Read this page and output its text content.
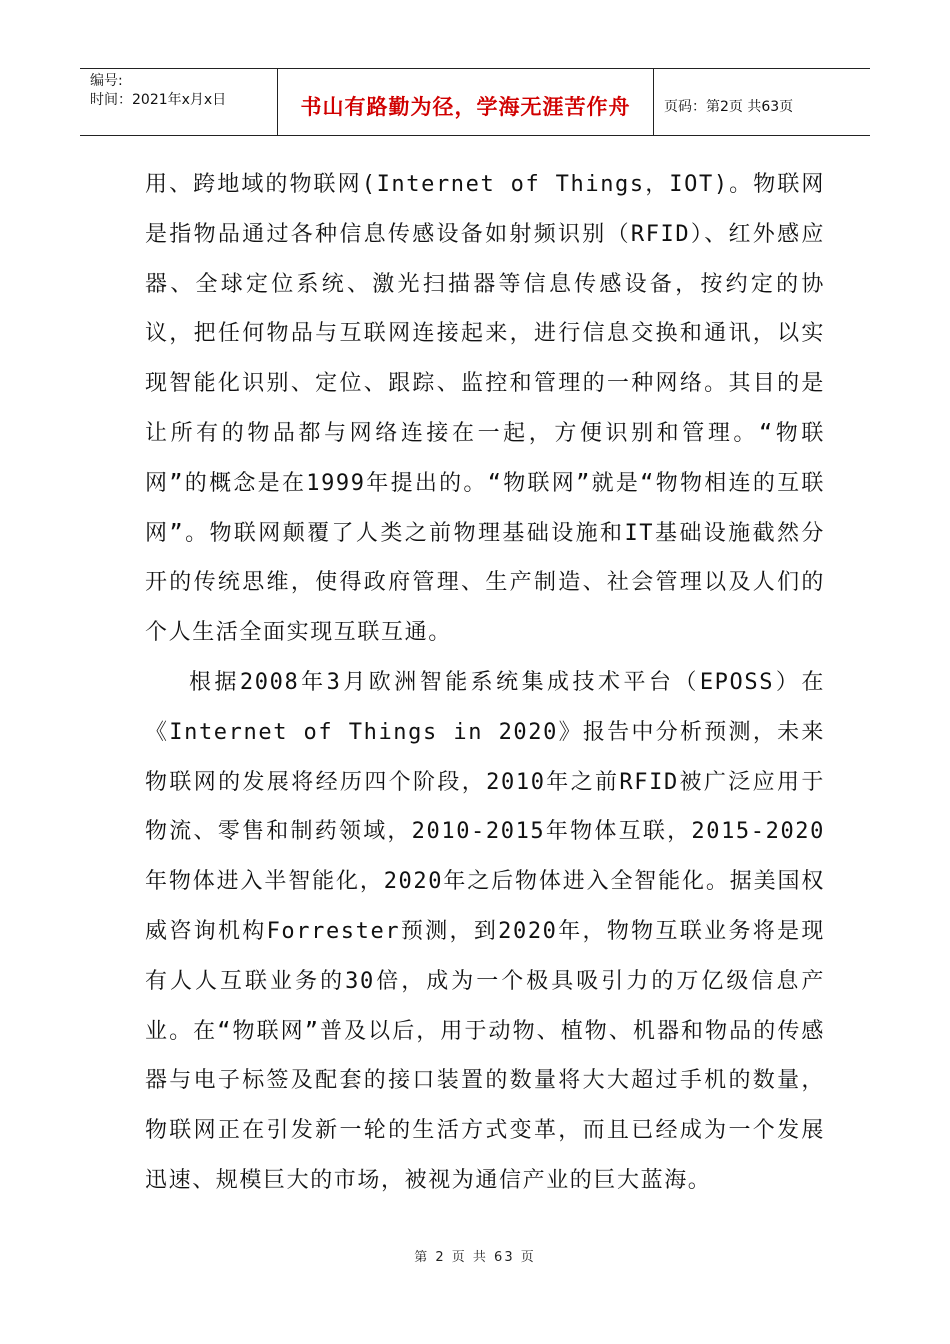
编号:
时间：2021年x月x日	书山有路勤为径，学海无涯苦作舟 页码：第2页 共63页

用、跨地域的物联网(Internet of Things，IOT)。物联网是指物品通过各种信息传感设备如射频识别（RFID）、红外感应器、全球定位系统、激光扫描器等信息传感设备，按约定的协议，把任何物品与互联网连接起来，进行信息交换和通讯，以实现智能化识别、定位、跟踪、监控和管理的一种网络。其目的是让所有的物品都与网络连接在一起，方便识别和管理。“物联网”的概念是在1999年提出的。“物联网”就是“物物相连的互联网”。物联网颠覆了人类之前物理基础设施和IT基础设施截然分开的传统思维，使得政府管理、生产制造、社会管理以及人们的个人生活全面实现互联互通。

根据2008年3月欧洲智能系统集成技术平台（EPOSS）在《Internet of Things in 2020》报告中分析预测，未来物联网的发展将经历四个阶段，2010年之前RFID被广泛应用于物流、零售和制药领域，2010-2015年物体互联，2015-2020年物体进入半智能化，2020年之后物体进入全智能化。据美国权威咨询机构Forrester预测，到2020年，物物互联业务将是现有人人互联业务的30倍，成为一个极具吸引力的万亿级信息产业。在“物联网”普及以后，用于动物、植物、机器和物品的传感器与电子标签及配套的接口装置的数量将大大超过手机的数量，物联网正在引发新一轮的生活方式变革，而且已经成为一个发展迅速、规模巨大的市场，被视为通信产业的巨大蓝海。

第 2 页 共 63 页
